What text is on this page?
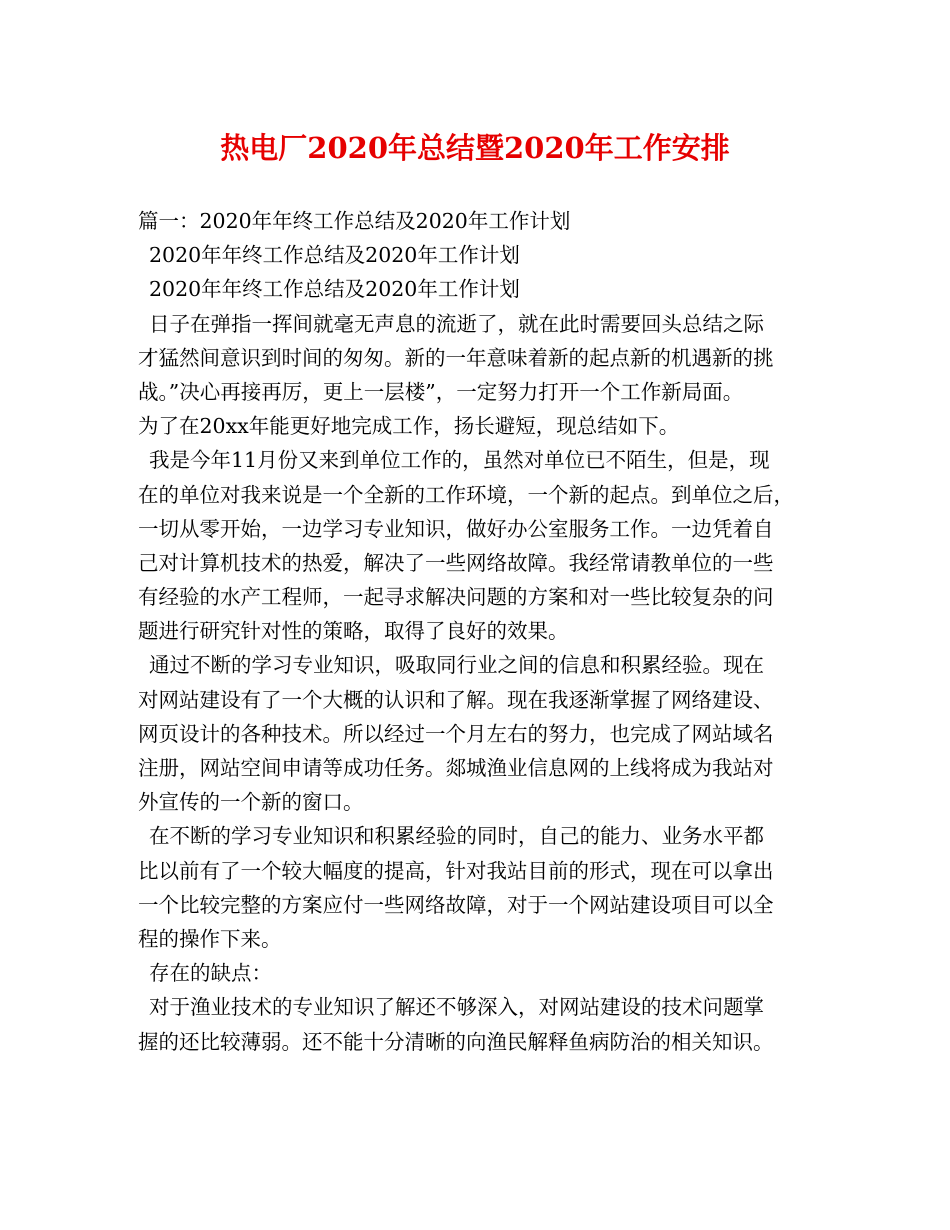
热电厂2020年总结暨2020年工作安排
篇一：2020年年终工作总结及2020年工作计划
2020年年终工作总结及2020年工作计划
2020年年终工作总结及2020年工作计划
日子在弹指一挥间就毫无声息的流逝了，就在此时需要回头总结之际
才猛然间意识到时间的匆匆。新的一年意味着新的起点新的机遇新的挑
战。”决心再接再厉，更上一层楼”，一定努力打开一个工作新局面。
为了在20xx年能更好地完成工作，扬长避短，现总结如下。
我是今年11月份又来到单位工作的，虽然对单位已不陌生，但是，现
在的单位对我来说是一个全新的工作环境，一个新的起点。到单位之后，
一切从零开始，一边学习专业知识，做好办公室服务工作。一边凭着自
己对计算机技术的热爱，解决了一些网络故障。我经常请教单位的一些
有经验的水产工程师，一起寻求解决问题的方案和对一些比较复杂的问
题进行研究针对性的策略，取得了良好的效果。
通过不断的学习专业知识，吸取同行业之间的信息和积累经验。现在
对网站建设有了一个大概的认识和了解。现在我逐渐掌握了网络建设、
网页设计的各种技术。所以经过一个月左右的努力，也完成了网站域名
注册，网站空间申请等成功任务。郯城渔业信息网的上线将成为我站对
外宣传的一个新的窗口。
在不断的学习专业知识和积累经验的同时，自己的能力、业务水平都
比以前有了一个较大幅度的提高，针对我站目前的形式，现在可以拿出
一个比较完整的方案应付一些网络故障，对于一个网站建设项目可以全
程的操作下来。
存在的缺点：
对于渔业技术的专业知识了解还不够深入，对网站建设的技术问题掌
握的还比较薄弱。还不能十分清晰的向渔民解释鱼病防治的相关知识。
